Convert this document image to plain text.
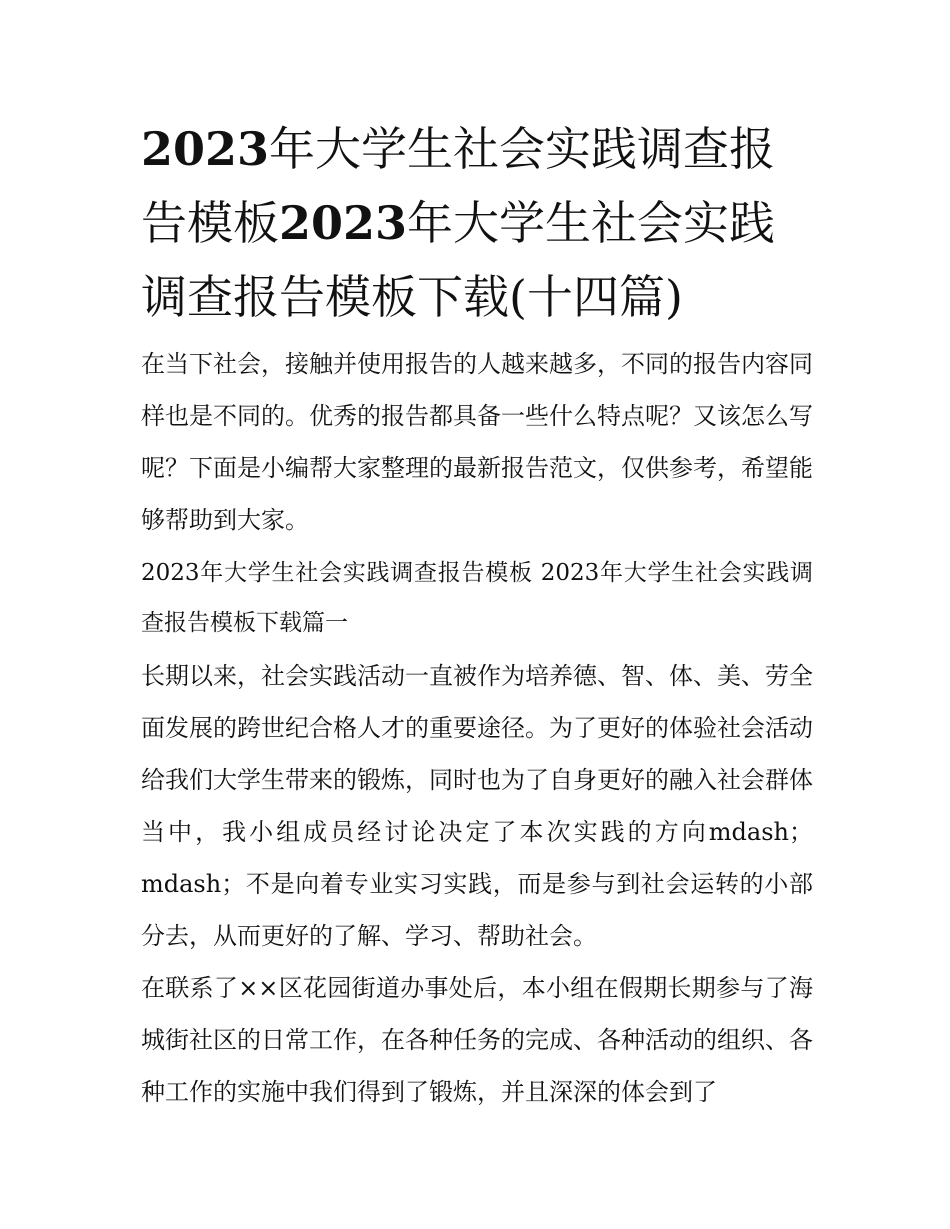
2023年大学生社会实践调查报告模板2023年大学生社会实践调查报告模板下载(十四篇)

在当下社会，接触并使用报告的人越来越多，不同的报告内容同样也是不同的。优秀的报告都具备一些什么特点呢？又该怎么写呢？下面是小编帮大家整理的最新报告范文，仅供参考，希望能够帮助到大家。

2023年大学生社会实践调查报告模板 2023年大学生社会实践调查报告模板下载篇一

长期以来，社会实践活动一直被作为培养德、智、体、美、劳全面发展的跨世纪合格人才的重要途径。为了更好的体验社会活动给我们大学生带来的锻炼，同时也为了自身更好的融入社会群体当中，我小组成员经讨论决定了本次实践的方向mdash；mdash；不是向着专业实习实践，而是参与到社会运转的小部分去，从而更好的了解、学习、帮助社会。

在联系了××区花园街道办事处后，本小组在假期长期参与了海城街社区的日常工作，在各种任务的完成、各种活动的组织、各种工作的实施中我们得到了锻炼，并且深深的体会到了
